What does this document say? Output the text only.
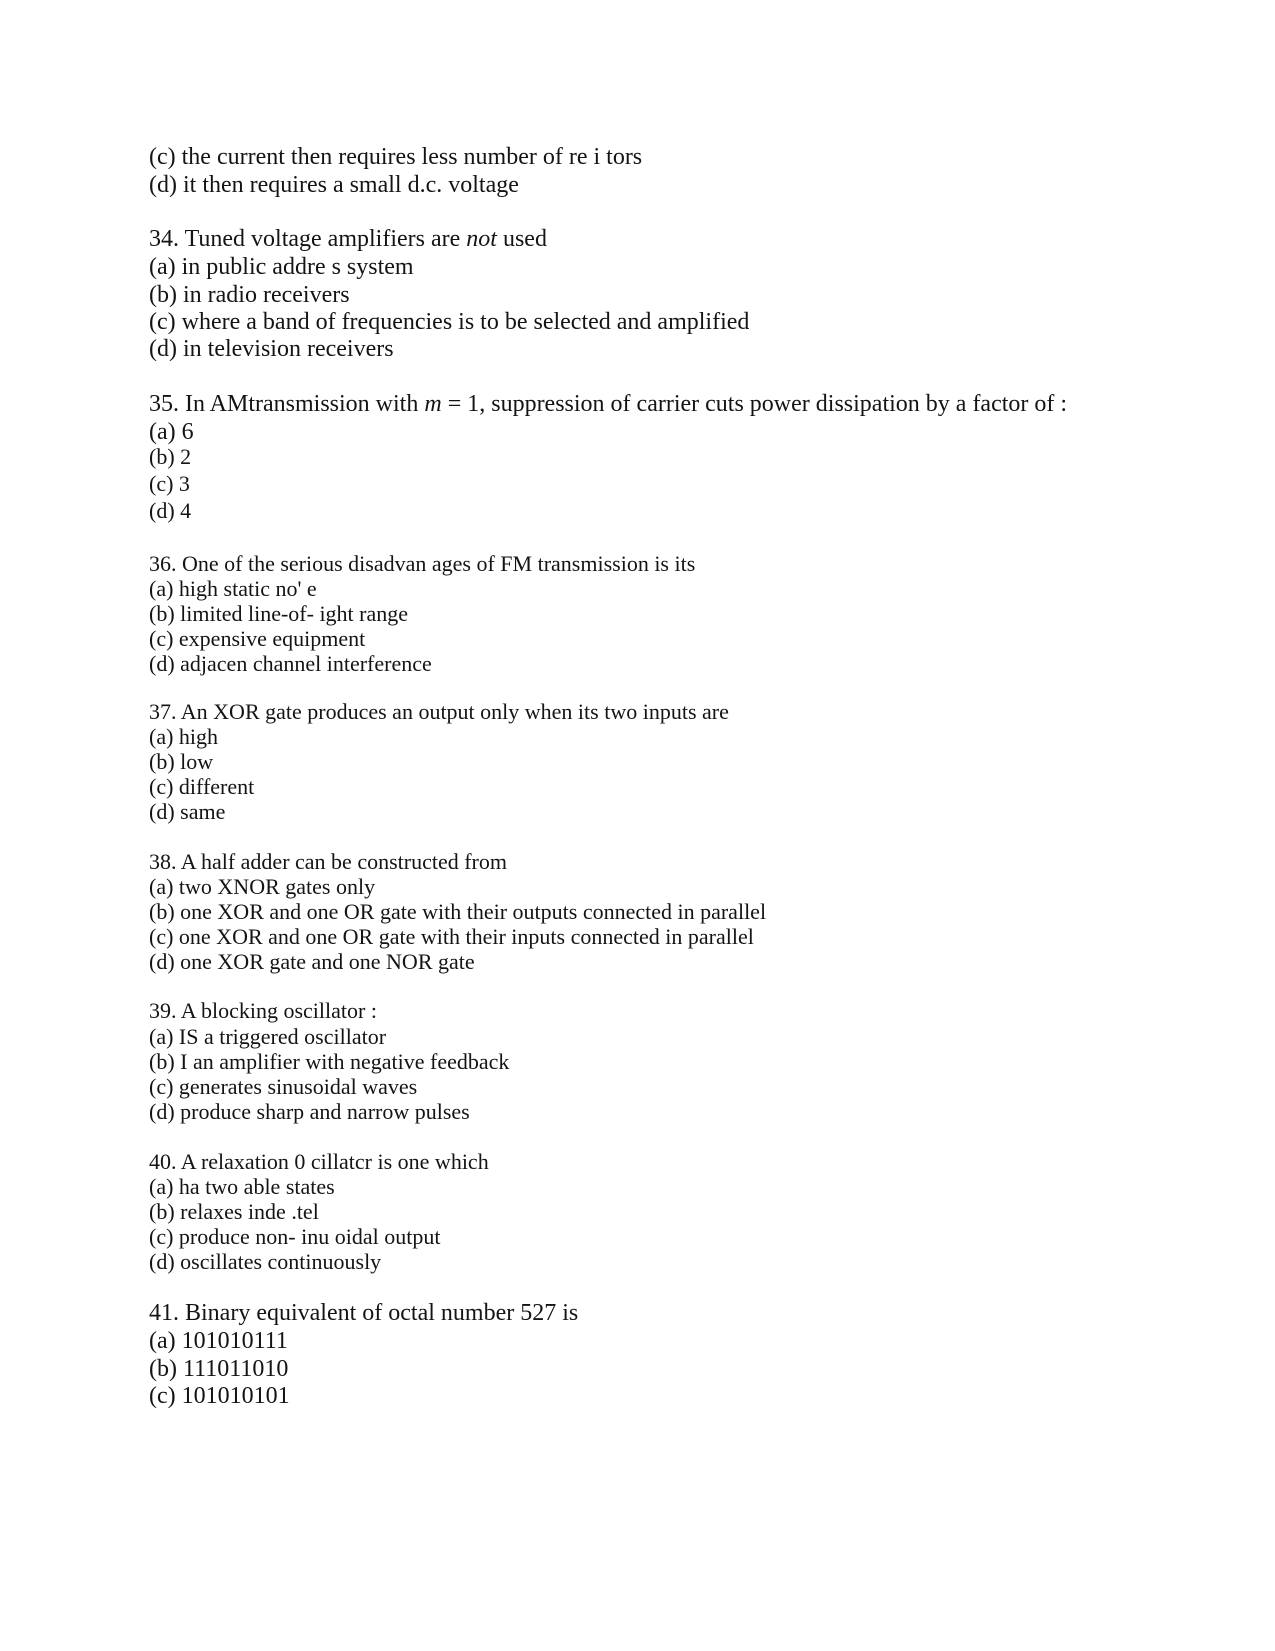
(c) the current then requires less number of re i tors
(d) it then requires a small d.c. voltage
34. Tuned voltage amplifiers are not used
(a) in public addre s system
(b) in radio receivers
(c) where a band of frequencies is to be selected and amplified
(d) in television receivers
35. In AMtransmission with m = 1, suppression of carrier cuts power dissipation by a factor of :
(a) 6
(b) 2
(c) 3
(d) 4
36. One of the serious disadvan ages of FM transmission is its
(a) high static no' e
(b) limited line-of- ight range
(c) expensive equipment
(d) adjacen channel interference
37. An XOR gate produces an output only when its two inputs are
(a) high
(b) low
(c) different
(d) same
38. A half adder can be constructed from
(a) two XNOR gates only
(b) one XOR and one OR gate with their outputs connected in parallel
(c) one XOR and one OR gate with their inputs connected in parallel
(d) one XOR gate and one NOR gate
39. A blocking oscillator :
(a) IS a triggered oscillator
(b) I an amplifier with negative feedback
(c) generates sinusoidal waves
(d) produce sharp and narrow pulses
40. A relaxation 0 cillatcr is one which
(a) ha two able states
(b) relaxes inde .tel
(c) produce non- inu oidal output
(d) oscillates continuously
41. Binary equivalent of octal number 527 is
(a) 101010111
(b) 111011010
(c) 101010101
